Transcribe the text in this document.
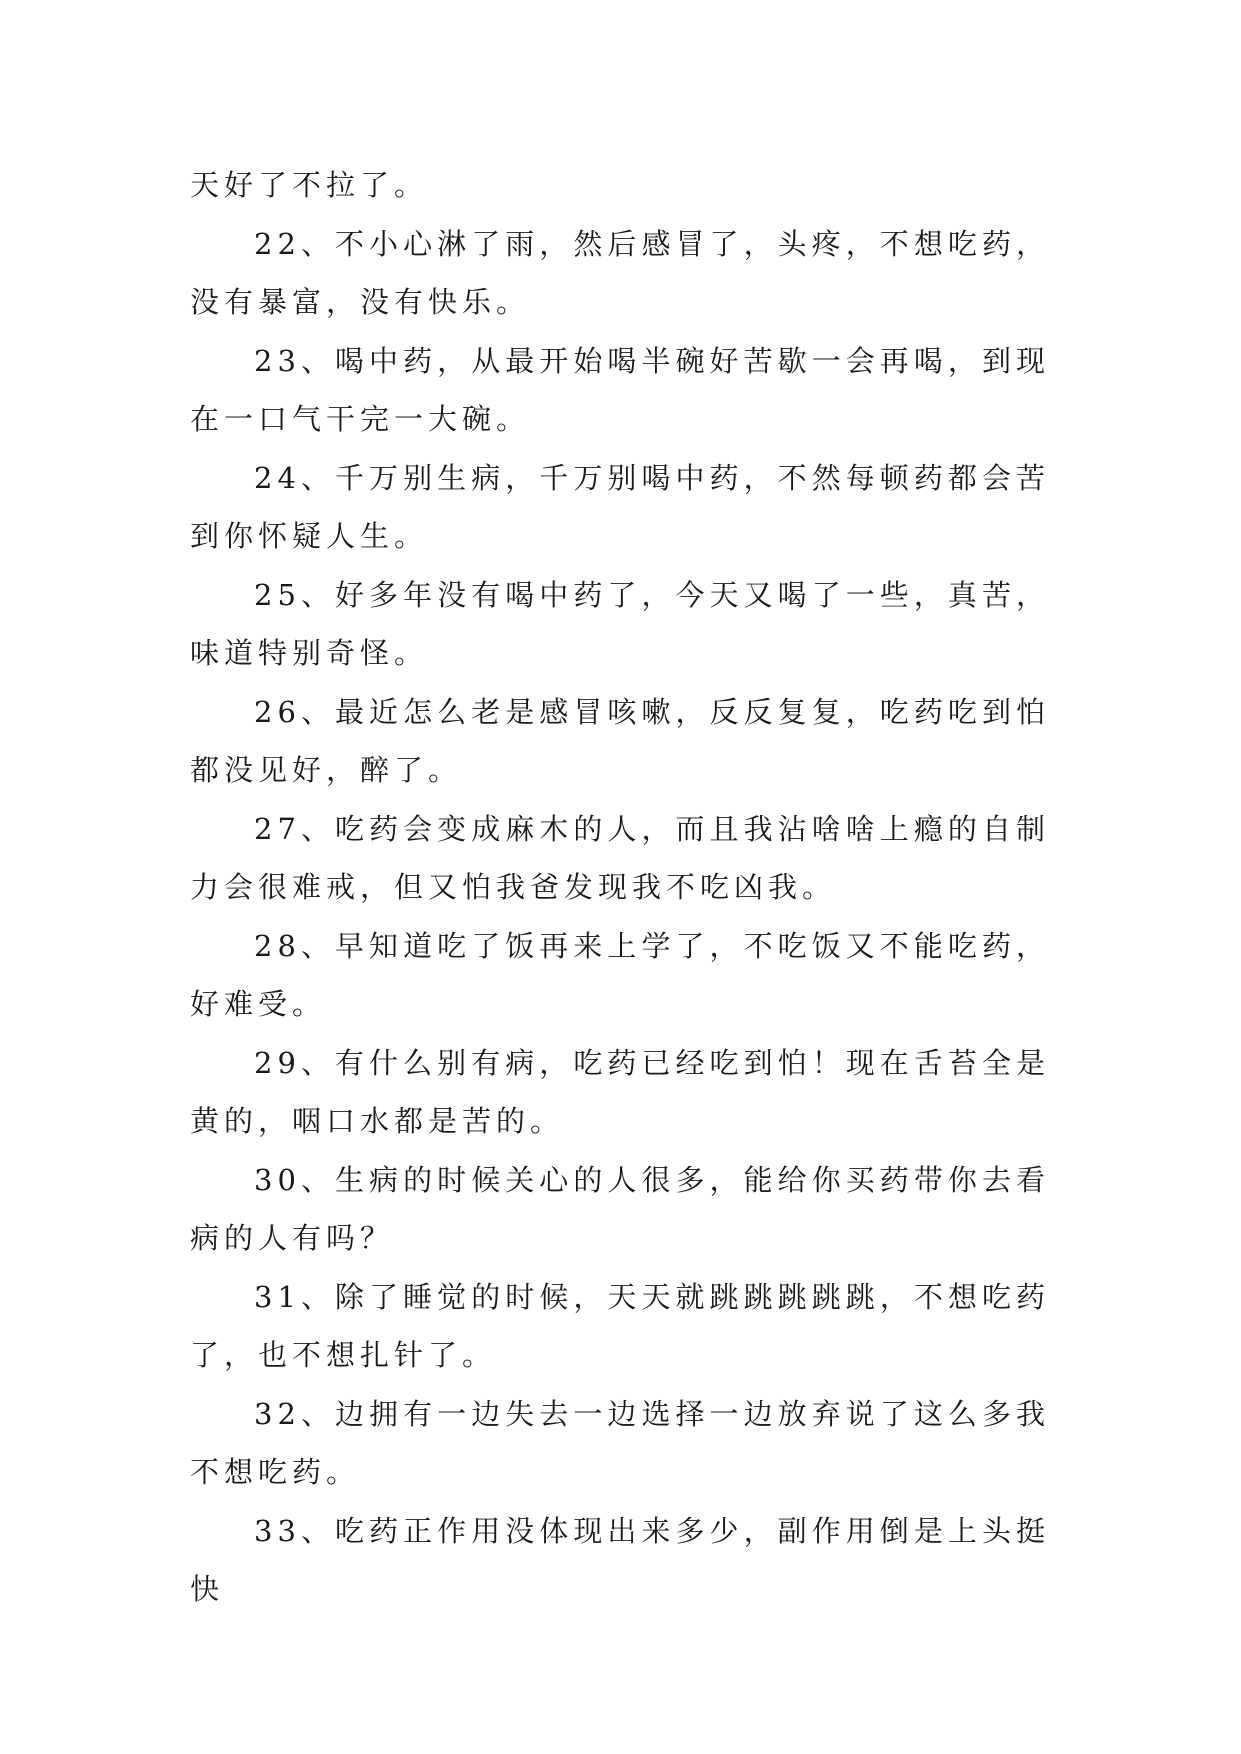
天好了不拉了。

22、不小心淋了雨，然后感冒了，头疼，不想吃药，没有暴富，没有快乐。

23、喝中药，从最开始喝半碗好苦歇一会再喝，到现在一口气干完一大碗。

24、千万别生病，千万别喝中药，不然每顿药都会苦到你怀疑人生。

25、好多年没有喝中药了，今天又喝了一些，真苦，味道特别奇怪。

26、最近怎么老是感冒咳嗽，反反复复，吃药吃到怕都没见好，醉了。

27、吃药会变成麻木的人，而且我沾啥啥上瘾的自制力会很难戒，但又怕我爸发现我不吃凶我。

28、早知道吃了饭再来上学了，不吃饭又不能吃药，好难受。

29、有什么别有病，吃药已经吃到怕！现在舌苔全是黄的，咽口水都是苦的。

30、生病的时候关心的人很多，能给你买药带你去看病的人有吗？

31、除了睡觉的时候，天天就跳跳跳跳跳，不想吃药了，也不想扎针了。

32、边拥有一边失去一边选择一边放弃说了这么多我不想吃药。

33、吃药正作用没体现出来多少，副作用倒是上头挺快
